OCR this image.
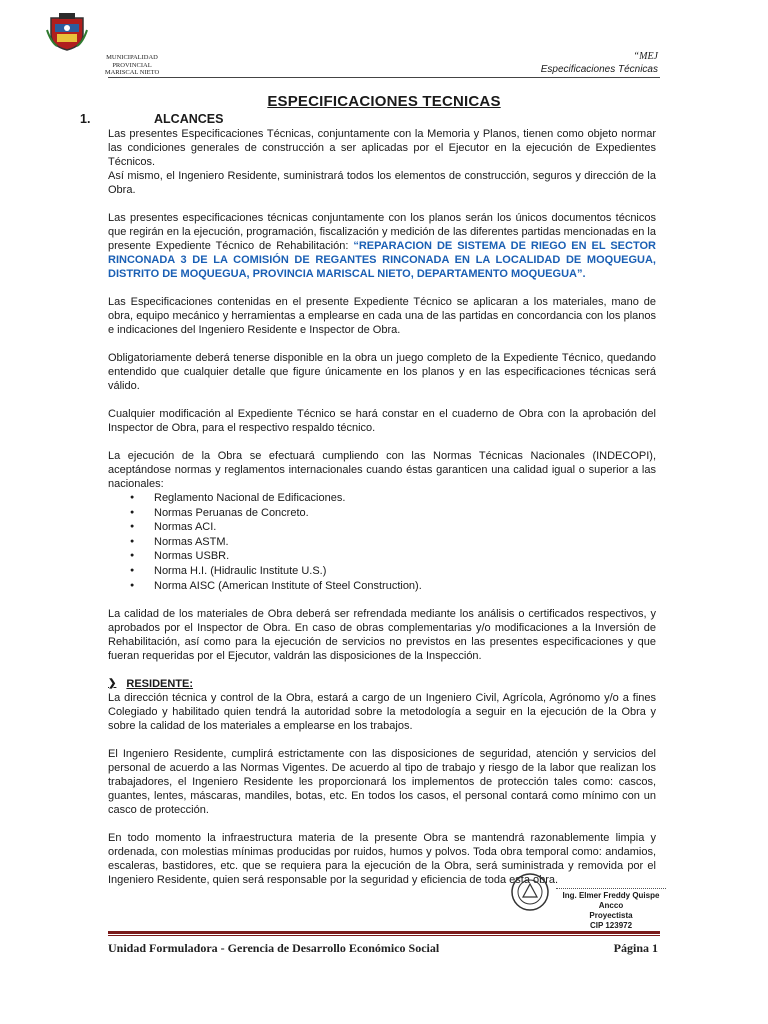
MUNICIPALIDAD
PROVINCIAL
MARISCAL NIETO
“MEJ
Especificaciones Técnicas
ESPECIFICACIONES TECNICAS
1.	ALCANCES

Las presentes Especificaciones Técnicas, conjuntamente con la Memoria y Planos, tienen como objeto normar las condiciones generales de construcción a ser aplicadas por el Ejecutor en la ejecución de Expedientes Técnicos.

Así mismo, el Ingeniero Residente, suministrará todos los elementos de construcción, seguros y dirección de la Obra.

Las presentes especificaciones técnicas conjuntamente con los planos serán los únicos documentos técnicos que regirán en la ejecución, programación, fiscalización y medición de las diferentes partidas mencionadas en la presente Expediente Técnico de Rehabilitación: “REPARACION DE SISTEMA DE RIEGO EN EL SECTOR RINCONADA 3 DE LA COMISIÓN DE REGANTES RINCONADA EN LA LOCALIDAD DE MOQUEGUA, DISTRITO DE MOQUEGUA, PROVINCIA MARISCAL NIETO, DEPARTAMENTO MOQUEGUA”.

Las Especificaciones contenidas en el presente Expediente Técnico se aplicaran a los materiales, mano de obra, equipo mecánico y herramientas a emplearse en cada una de las partidas en concordancia con los planos e indicaciones del Ingeniero Residente e Inspector de Obra.

Obligatoriamente deberá tenerse disponible en la obra un juego completo de la Expediente Técnico, quedando entendido que cualquier detalle que figure únicamente en los planos y en las especificaciones técnicas será válido.

Cualquier modificación al Expediente Técnico se hará constar en el cuaderno de Obra con la aprobación del Inspector de Obra, para el respectivo respaldo técnico.

La ejecución de la Obra se efectuará cumpliendo con las Normas Técnicas Nacionales (INDECOPI), aceptándose normas y reglamentos internacionales cuando éstas garanticen una calidad igual o superior a las nacionales:

● Reglamento Nacional de Edificaciones.
● Normas Peruanas de Concreto.
● Normas ACI.
● Normas ASTM.
● Normas USBR.
● Norma H.I. (Hidraulic Institute U.S.)
● Norma AISC (American Institute of Steel Construction).

La calidad de los materiales de Obra deberá ser refrendada mediante los análisis o certificados respectivos, y aprobados por el Inspector de Obra. En caso de obras complementarias y/o modificaciones a la Inversión de Rehabilitación, así como para la ejecución de servicios no previstos en las presentes especificaciones y que fueran requeridas por el Ejecutor, valdrán las disposiciones de la Inspección.

❯ RESIDENTE:

La dirección técnica y control de la Obra, estará a cargo de un Ingeniero Civil, Agrícola, Agrónomo y/o a fines Colegiado y habilitado quien tendrá la autoridad sobre la metodología a seguir en la ejecución de la Obra y sobre la calidad de los materiales a emplearse en los trabajos.

El Ingeniero Residente, cumplirá estrictamente con las disposiciones de seguridad, atención y servicios del personal de acuerdo a las Normas Vigentes. De acuerdo al tipo de trabajo y riesgo de la labor que realizan los trabajadores, el Ingeniero Residente les proporcionará los implementos de protección tales como: cascos, guantes, lentes, máscaras, mandiles, botas, etc. En todos los casos, el personal contará como mínimo con un casco de protección.

En todo momento la infraestructura materia de la presente Obra se mantendrá razonablemente limpia y ordenada, con molestias mínimas producidas por ruidos, humos y polvos. Toda obra temporal como: andamios, escaleras, bastidores, etc. que se requiera para la ejecución de la Obra, será suministrada y removida por el Ingeniero Residente, quien será responsable por la seguridad y eficiencia de toda esta obra.

Ing. Elmer Freddy Quispe Ancco
Proyectista
CIP 123972
Unidad Formuladora - Gerencia de Desarrollo Económico Social	Página 1
